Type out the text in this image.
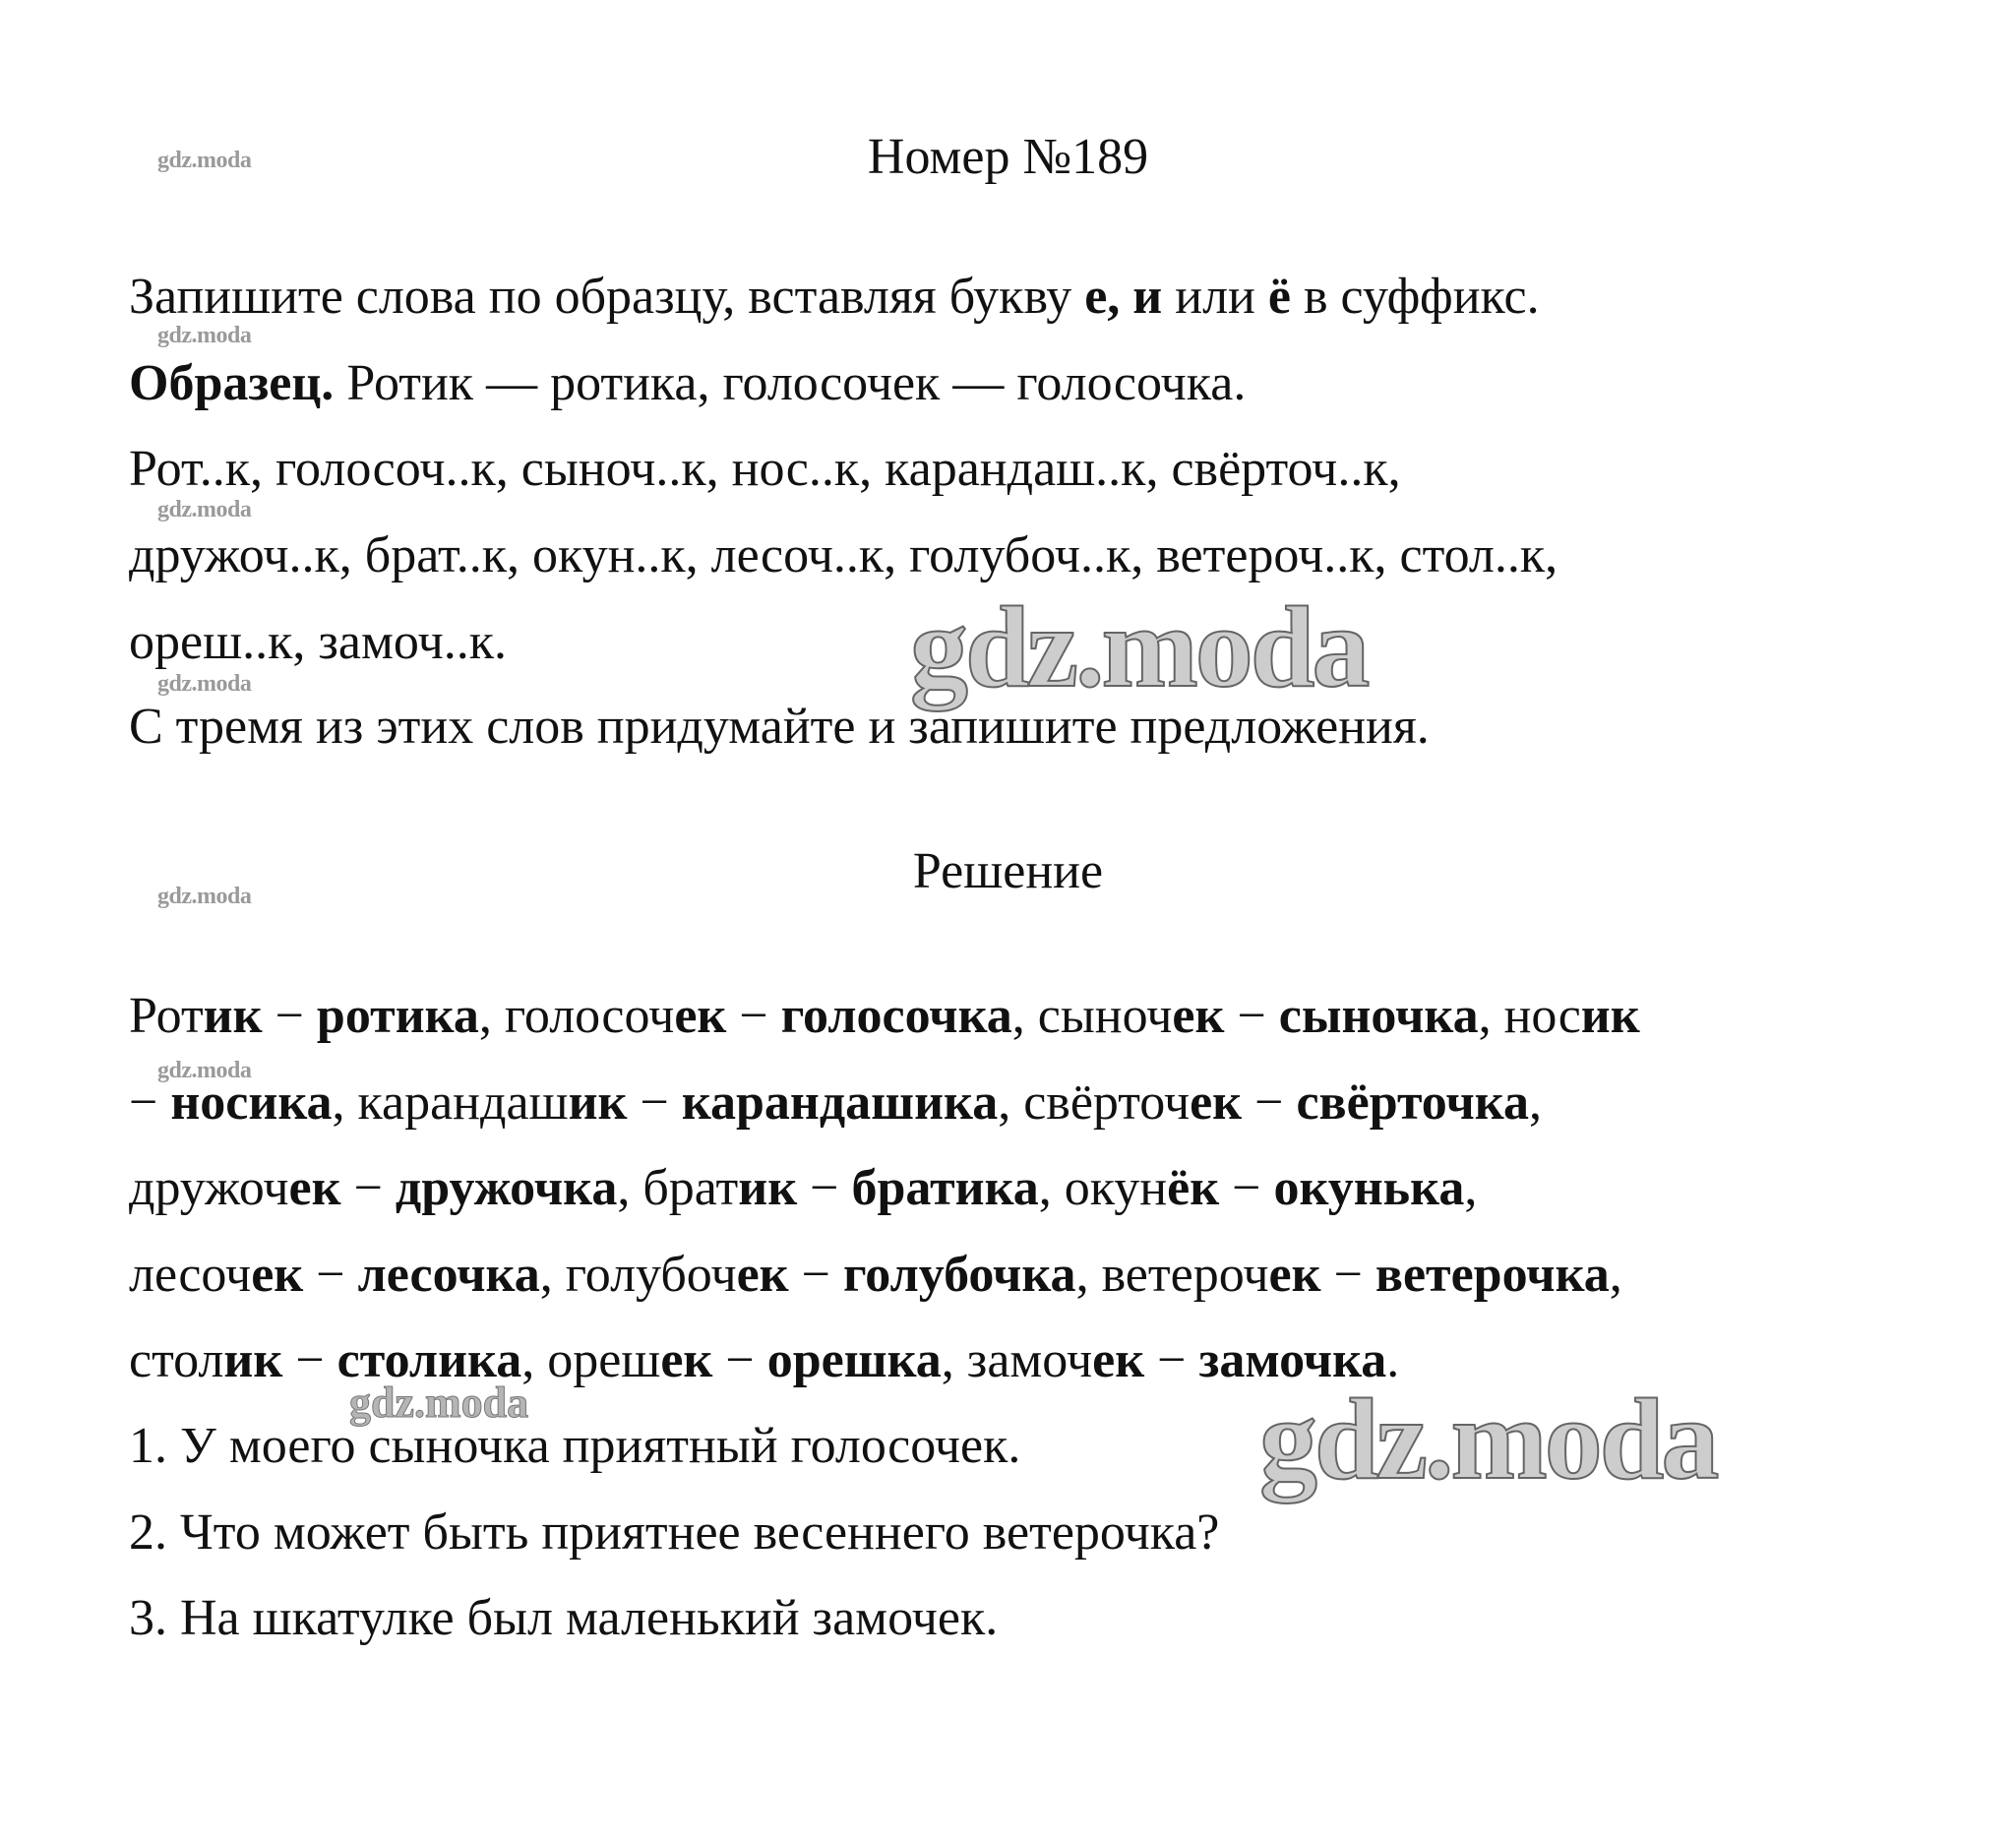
Номер №189
Запишите слова по образцу, вставляя букву е, и или ё в суффикс.
Образец. Ротик — ротика, голосочек — голосочка.
Рот..к, голосоч..к, сыноч..к, нос..к, карандаш..к, свёрточ..к,
дружоч..к, брат..к, окун..к, лесоч..к, голубоч..к, ветероч..к, стол..к,
ореш..к, замоч..к.
С тремя из этих слов придумайте и запишите предложения.
Решение
Ротик − ротика, голосочек − голосочка, сыночек − сыночка, носик
− носика, карандашик − карандашика, свёрточек − свёрточка,
дружочек − дружочка, братик − братика, окунёк − окунька,
лесочек − лесочка, голубочек − голубочка, ветерочек − ветерочка,
столик − столика, орешек − орешка, замочек − замочка.
1. У моего сыночка приятный голосочек.
2. Что может быть приятнее весеннего ветерочка?
3. На шкатулке был маленький замочек.
gdz.moda
gdz.moda
gdz.moda
gdz.moda
gdz.moda
gdz.moda
gdz.moda
gdz.moda
gdz.moda
